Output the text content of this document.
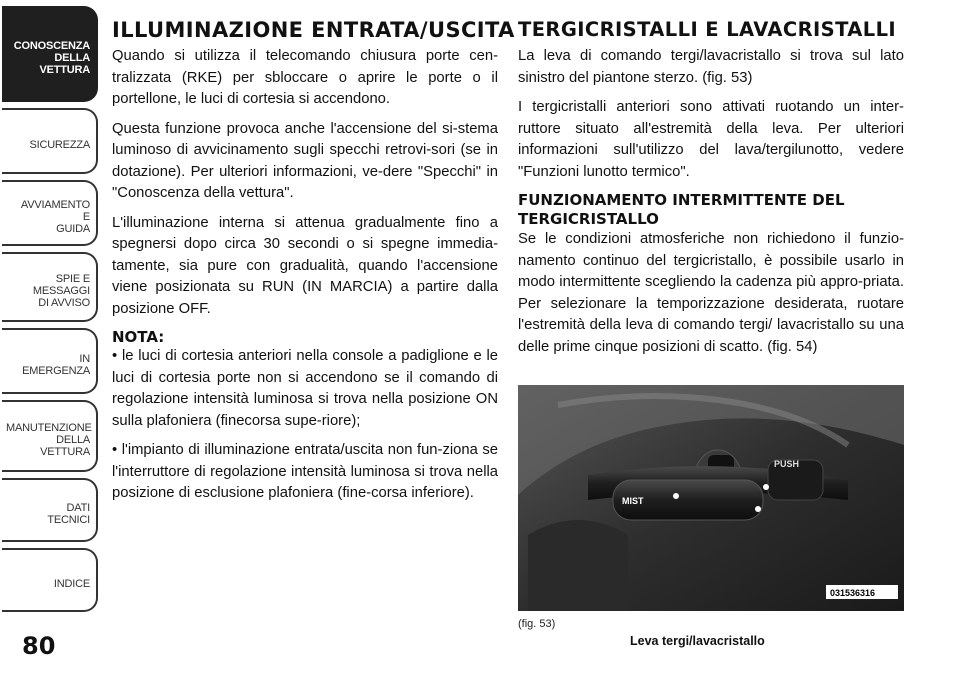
CONOSCENZA
DELLA
VETTURA
SICUREZZA
AVVIAMENTO
E
GUIDA
SPIE E
MESSAGGI
DI AVVISO
IN
EMERGENZA
MANUTENZIONE
DELLA
VETTURA
DATI
TECNICI
INDICE
80
ILLUMINAZIONE ENTRATA/USCITA

Quando si utilizza il telecomando chiusura porte cen-tralizzata (RKE) per sbloccare o aprire le porte o il portellone, le luci di cortesia si accendono.

Questa funzione provoca anche l'accensione del si-stema luminoso di avvicinamento sugli specchi retrovi-sori (se in dotazione). Per ulteriori informazioni, ve-dere "Specchi" in "Conoscenza della vettura".

L'illuminazione interna si attenua gradualmente fino a spegnersi dopo circa 30 secondi o si spegne immedia-tamente, sia pure con gradualità, quando l'accensione viene posizionata su RUN (IN MARCIA) a partire dalla posizione OFF.

NOTA:
• le luci di cortesia anteriori nella console a padiglione e le luci di cortesia porte non si accendono se il comando di regolazione intensità luminosa si trova nella posizione ON sulla plafoniera (finecorsa supe-riore);
• l'impianto di illuminazione entrata/uscita non fun-ziona se l'interruttore di regolazione intensità luminosa si trova nella posizione di esclusione plafoniera (fine-corsa inferiore).
TERGICRISTALLI E LAVACRISTALLI

La leva di comando tergi/lavacristallo si trova sul lato sinistro del piantone sterzo. (fig. 53)

I tergicristalli anteriori sono attivati ruotando un inter-ruttore situato all'estremità della leva. Per ulteriori informazioni sull'utilizzo del lava/tergilunotto, vedere "Funzioni lunotto termico".

FUNZIONAMENTO INTERMITTENTE DEL TERGICRISTALLO

Se le condizioni atmosferiche non richiedono il funzio-namento continuo del tergicristallo, è possibile usarlo in modo intermittente scegliendo la cadenza più appro-priata. Per selezionare la temporizzazione desiderata, ruotare l'estremità della leva di comando tergi/ lavacristallo su una delle prime cinque posizioni di scatto. (fig. 54)

MIST
PUSH
031536316
(fig. 53)
Leva tergi/lavacristallo
